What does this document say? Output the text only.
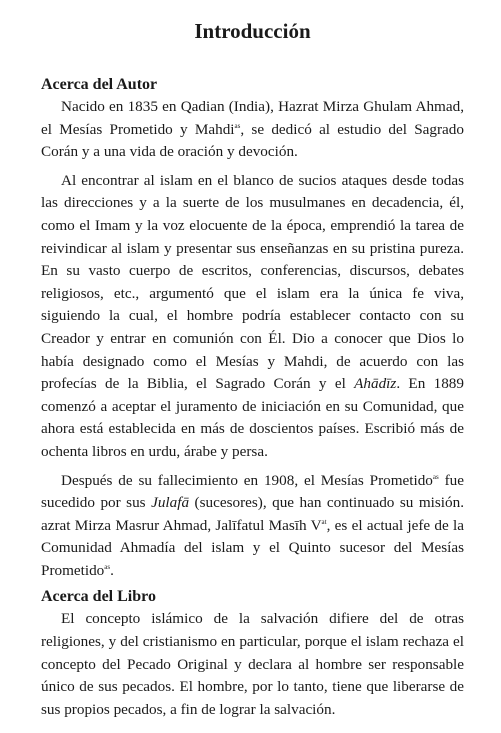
Introducción
Acerca del Autor

Nacido en 1835 en Qadian (India), Hazrat Mirza Ghulam Ahmad, el Mesías Prometido y Mahdi$^{as}$, se dedicó al estudio del Sagrado Corán y a una vida de oración y devoción.

Al encontrar al islam en el blanco de sucios ataques desde todas las direcciones y a la suerte de los musulmanes en decadencia, él, como el Imam y la voz elocuente de la época, emprendió la tarea de reivindicar al islam y presentar sus enseñanzas en su pristina pureza. En su vasto cuerpo de escritos, conferencias, discursos, debates religiosos, etc., argumentó que el islam era la única fe viva, siguiendo la cual, el hombre podría establecer contacto con su Creador y entrar en comunión con Él. Dio a conocer que Dios lo había designado como el Mesías y Mahdi, de acuerdo con las profecías de la Biblia, el Sagrado Corán y el Ahādīz. En 1889 comenzó a aceptar el juramento de iniciación en su Comunidad, que ahora está establecida en más de doscientos países. Escribió más de ochenta libros en urdu, árabe y persa.

Después de su fallecimiento en 1908, el Mesías Prometido$^{as}$ fue sucedido por sus Julafā (sucesores), que han continuado su misión. azrat Mirza Masrur Ahmad, Jalīfatul Masīh $V^{at}$, es el actual jefe de la Comunidad Ahmadía del islam y el Quinto sucesor del Mesías Prometido$^{as}$.

Acerca del Libro

El concepto islámico de la salvación difiere del de otras religiones, y del cristianismo en particular, porque el islam rechaza el concepto del Pecado Original y declara al hombre ser responsable único de sus pecados. El hombre, por lo tanto, tiene que liberarse de sus propios pecados, a fin de lograr la salvación.
